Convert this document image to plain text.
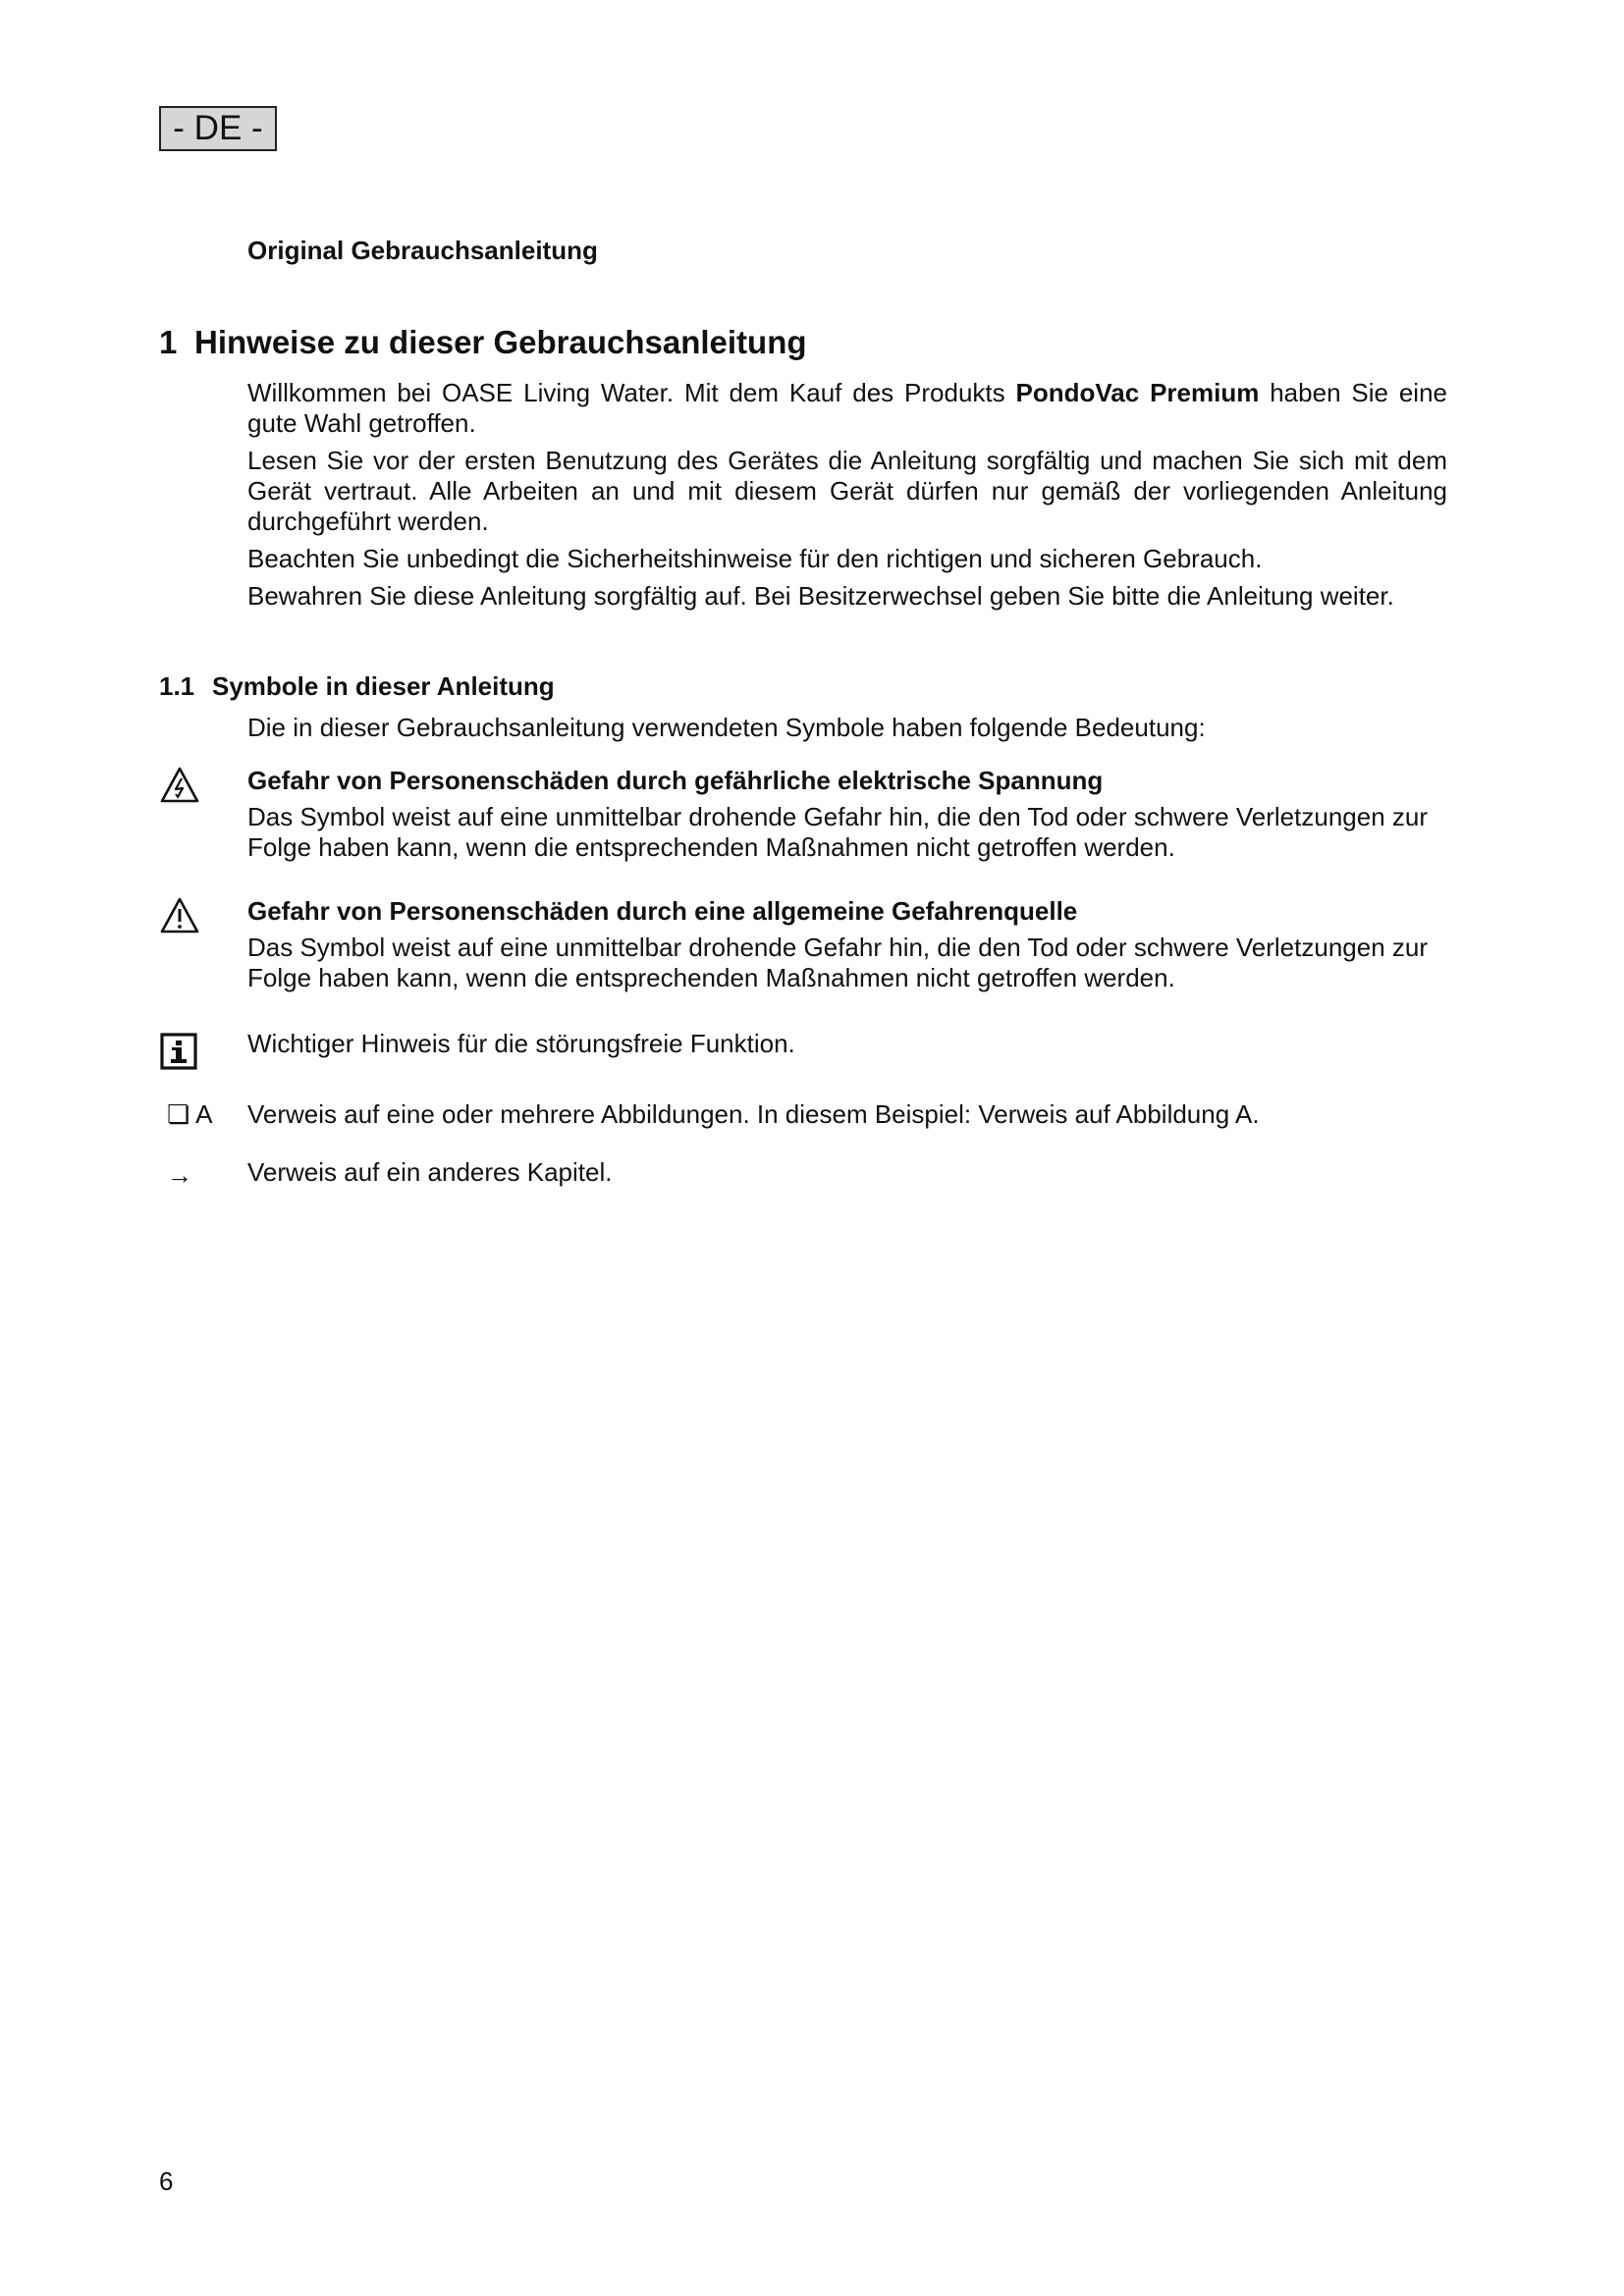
- DE -
Original Gebrauchsanleitung
1 Hinweise zu dieser Gebrauchsanleitung

Willkommen bei OASE Living Water. Mit dem Kauf des Produkts PondoVac Premium haben Sie eine gute Wahl getroffen.

Lesen Sie vor der ersten Benutzung des Gerätes die Anleitung sorgfältig und machen Sie sich mit dem Gerät vertraut. Alle Arbeiten an und mit diesem Gerät dürfen nur gemäß der vorliegenden Anleitung durchgeführt werden.

Beachten Sie unbedingt die Sicherheitshinweise für den richtigen und sicheren Gebrauch.

Bewahren Sie diese Anleitung sorgfältig auf. Bei Besitzerwechsel geben Sie bitte die Anleitung weiter.

1.1 Symbole in dieser Anleitung
Die in dieser Gebrauchsanleitung verwendeten Symbole haben folgende Bedeutung:
Gefahr von Personenschäden durch gefährliche elektrische Spannung
Das Symbol weist auf eine unmittelbar drohende Gefahr hin, die den Tod oder schwere Verletzungen zur Folge haben kann, wenn die entsprechenden Maßnahmen nicht getroffen werden.
Gefahr von Personenschäden durch eine allgemeine Gefahrenquelle
Das Symbol weist auf eine unmittelbar drohende Gefahr hin, die den Tod oder schwere Verletzungen zur Folge haben kann, wenn die entsprechenden Maßnahmen nicht getroffen werden.
Wichtiger Hinweis für die störungsfreie Funktion.
❏ A Verweis auf eine oder mehrere Abbildungen. In diesem Beispiel: Verweis auf Abbildung A.
→ Verweis auf ein anderes Kapitel.
6
